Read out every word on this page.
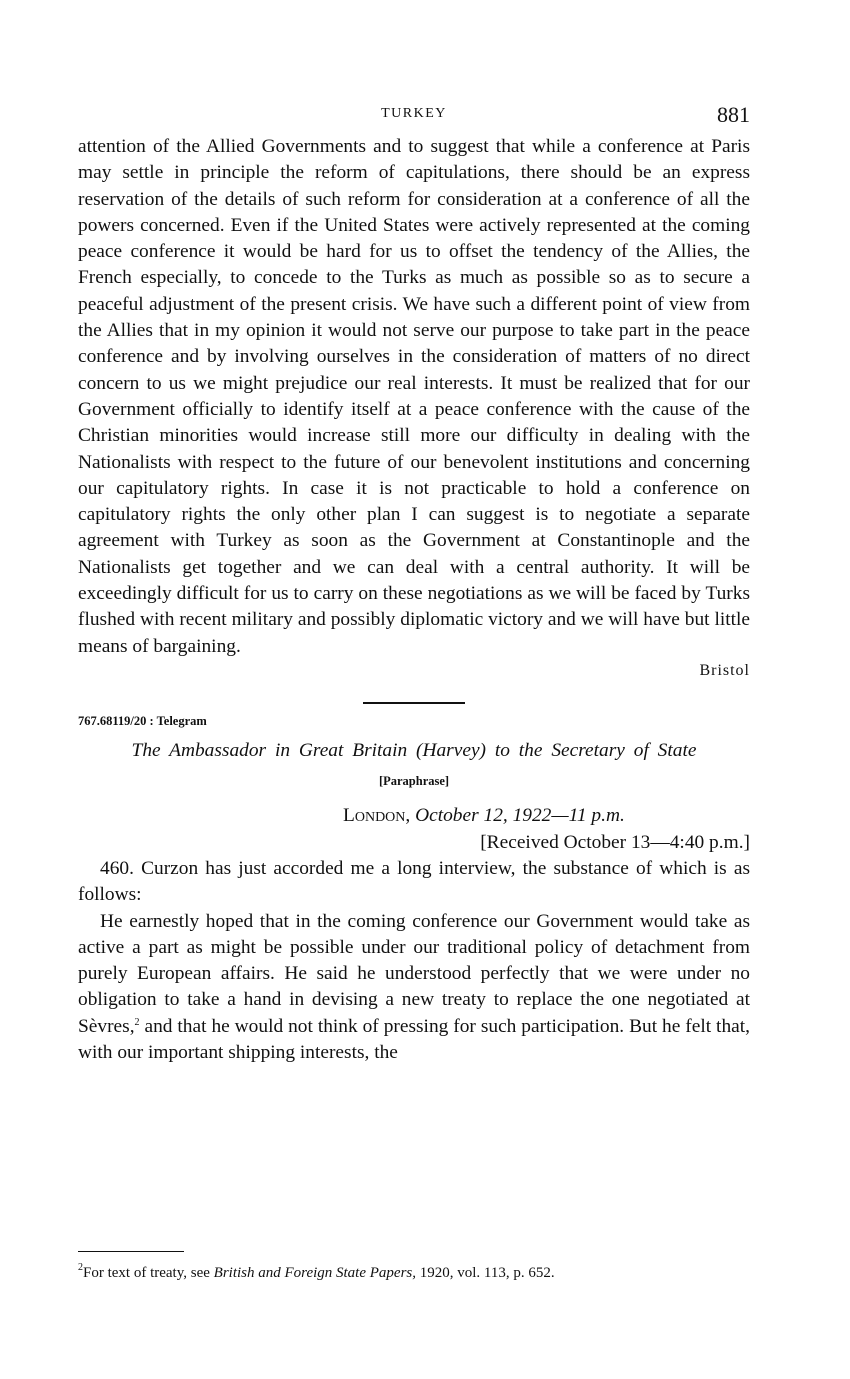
TURKEY	881

attention of the Allied Governments and to suggest that while a conference at Paris may settle in principle the reform of capitulations, there should be an express reservation of the details of such reform for consideration at a conference of all the powers concerned. Even if the United States were actively represented at the coming peace conference it would be hard for us to offset the tendency of the Allies, the French especially, to concede to the Turks as much as possible so as to secure a peaceful adjustment of the present crisis. We have such a different point of view from the Allies that in my opinion it would not serve our purpose to take part in the peace conference and by involving ourselves in the consideration of matters of no direct concern to us we might prejudice our real interests. It must be realized that for our Government officially to identify itself at a peace conference with the cause of the Christian minorities would increase still more our difficulty in dealing with the Nationalists with respect to the future of our benevolent institutions and concerning our capitulatory rights. In case it is not practicable to hold a conference on capitulatory rights the only other plan I can suggest is to negotiate a separate agreement with Turkey as soon as the Government at Constantinople and the Nationalists get together and we can deal with a central authority. It will be exceedingly difficult for us to carry on these negotiations as we will be faced by Turks flushed with recent military and possibly diplomatic victory and we will have but little means of bargaining.

Bristol
767.68119/20 : Telegram
The Ambassador in Great Britain (Harvey) to the Secretary of State
[Paraphrase]
London, October 12, 1922—11 p.m.
[Received October 13—4:40 p.m.]

460. Curzon has just accorded me a long interview, the substance of which is as follows:

He earnestly hoped that in the coming conference our Government would take as active a part as might be possible under our traditional policy of detachment from purely European affairs. He said he understood perfectly that we were under no obligation to take a hand in devising a new treaty to replace the one negotiated at Sèvres,$^2$ and that he would not think of pressing for such participation. But he felt that, with our important shipping interests, the

$^2$For text of treaty, see British and Foreign State Papers, 1920, vol. 113, p. 652.
